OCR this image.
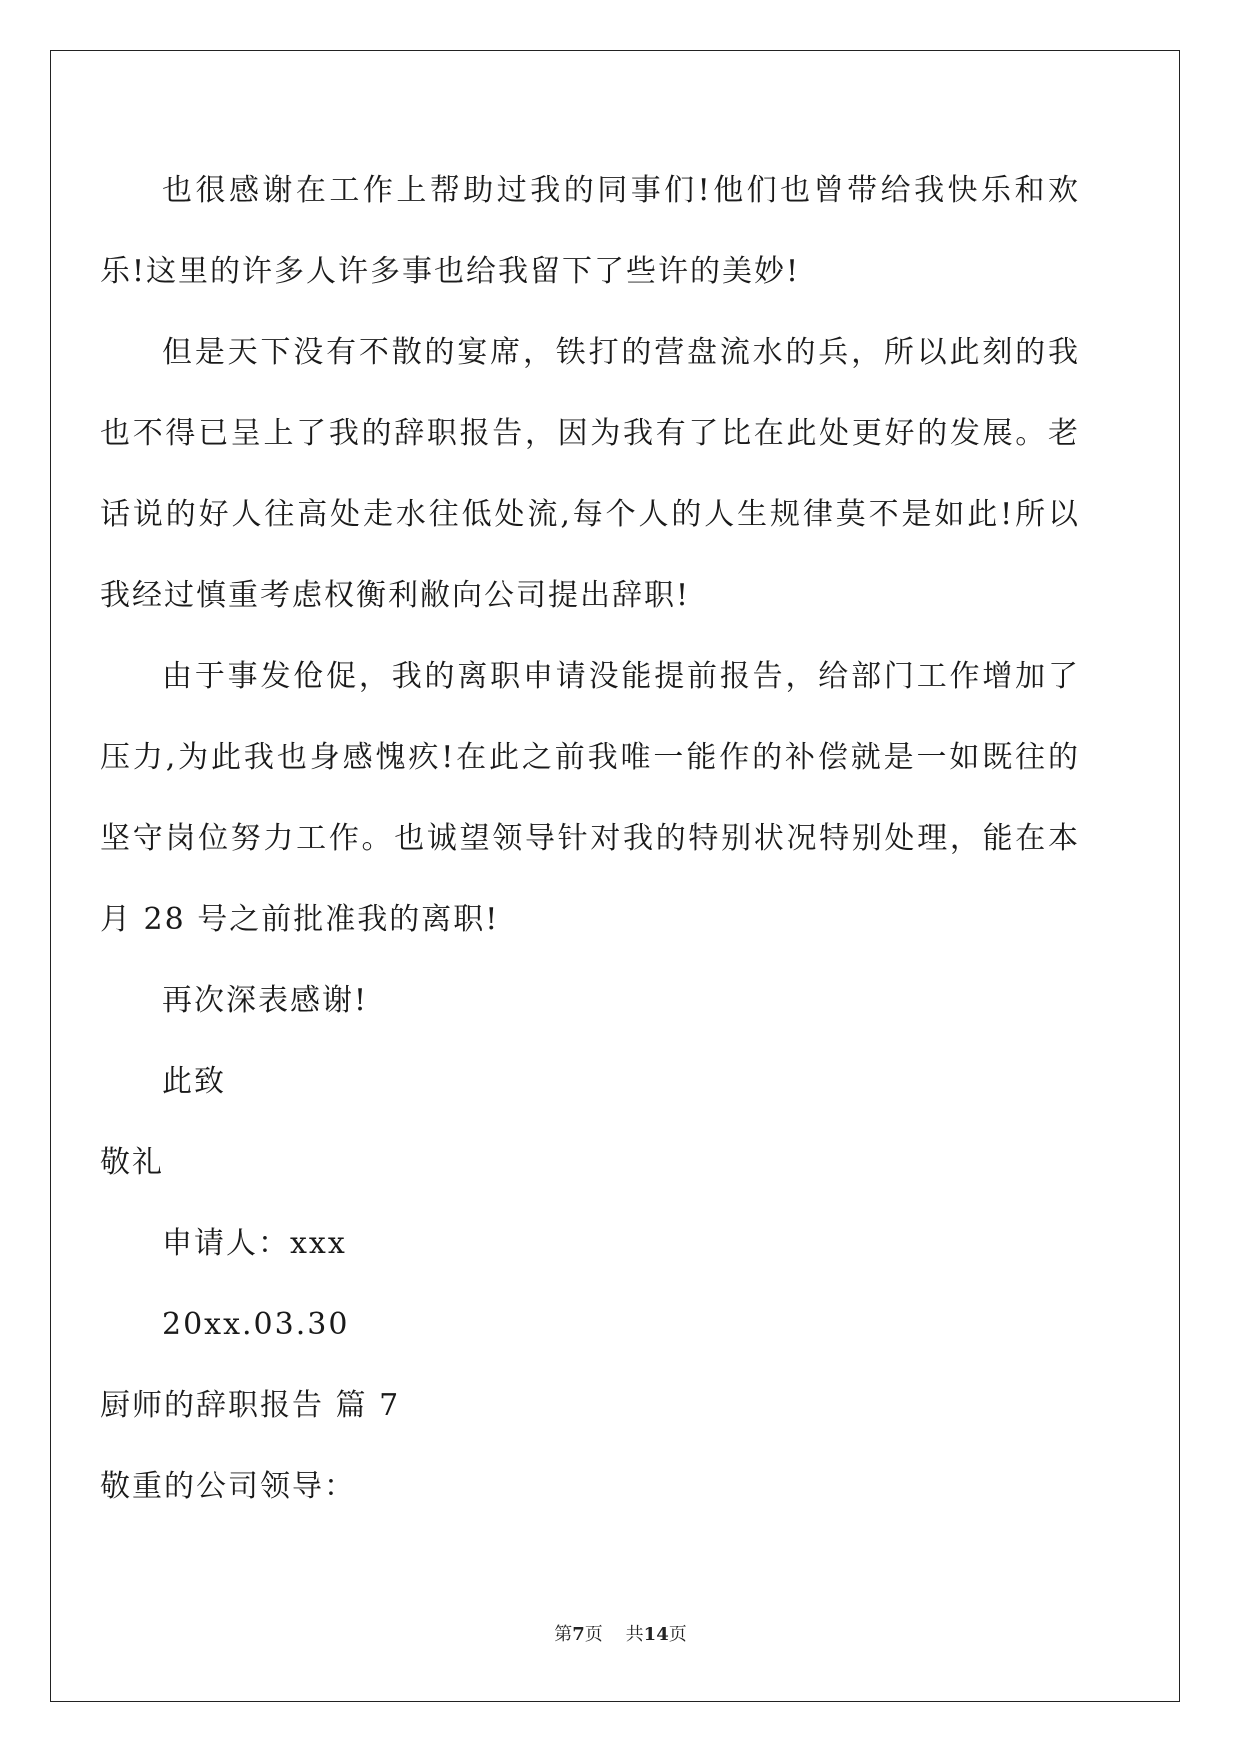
也很感谢在工作上帮助过我的同事们!他们也曾带给我快乐和欢
乐!这里的许多人许多事也给我留下了些许的美妙!
但是天下没有不散的宴席，铁打的营盘流水的兵，所以此刻的我
也不得已呈上了我的辞职报告，因为我有了比在此处更好的发展。老
话说的好人往高处走水往低处流,每个人的人生规律莫不是如此!所以
我经过慎重考虑权衡利敝向公司提出辞职!
由于事发伧促，我的离职申请没能提前报告，给部门工作增加了
压力,为此我也身感愧疚!在此之前我唯一能作的补偿就是一如既往的
坚守岗位努力工作。也诚望领导针对我的特别状况特别处理，能在本
月 28 号之前批准我的离职!
再次深表感谢!
此致
敬礼
申请人：xxx
20xx.03.30
厨师的辞职报告 篇 7
敬重的公司领导：
第7页 共14页
